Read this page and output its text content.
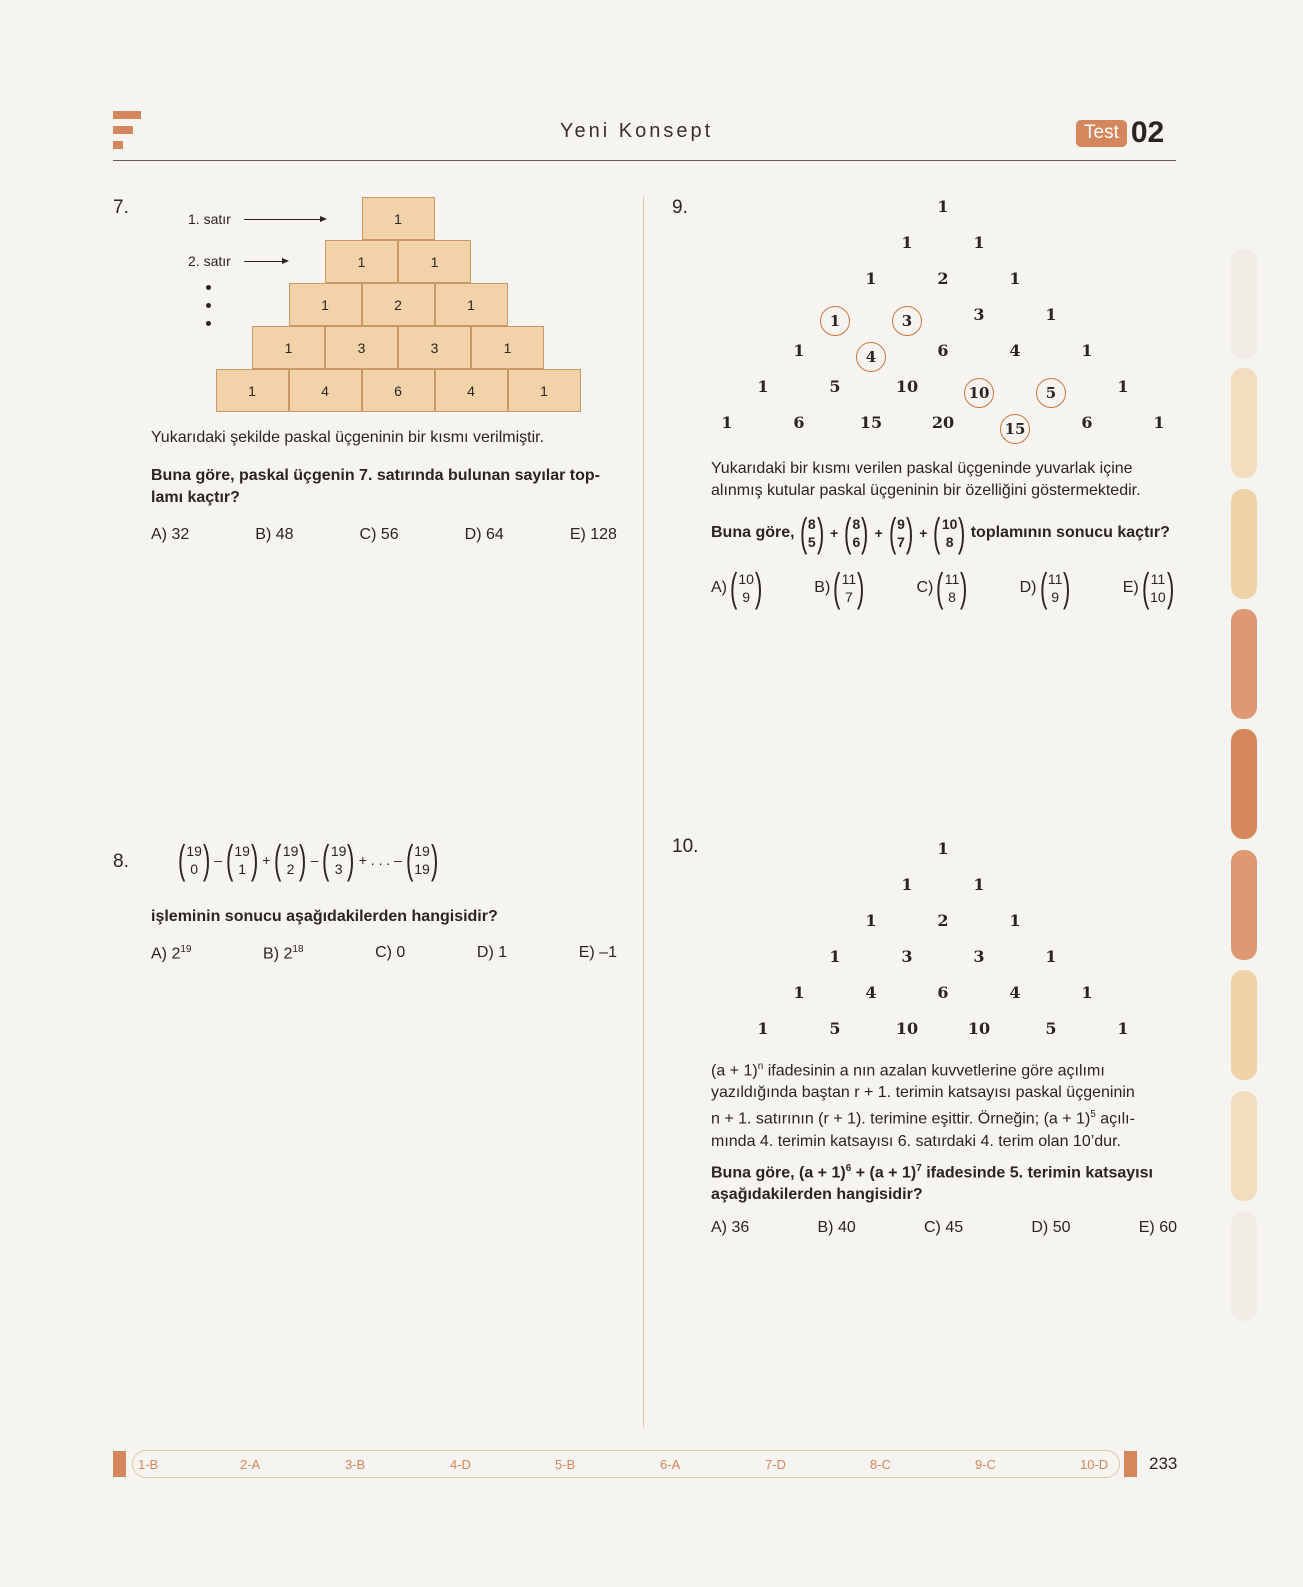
Yeni Konsept	Test 02
7.
1. satır
2. satır
1
1	1
1	2	1
1	3	3	1
1	4	6	4	1
Yukarıdaki şekilde paskal üçgeninin bir kısmı verilmiştir.
Buna göre, paskal üçgenin 7. satırında bulunan sayılar top-
lamı kaçtır?
A) 32	B) 48	C) 56	D) 64	E) 128
8. ( 19
0 ) – ( 19
1 ) + ( 19
2 ) – ( 19
3 ) + . . . – ( 19
19 )
işleminin sonucu aşağıdakilerden hangisidir?
A) $2^{19}$	B) $2^{18}$	C) 0	D) 1	E) –1
9.	1
1	1
1	2	1
1	3	3	1
1	4	6	4	1
1	5	10	10	5	1
1	6	15	20	15	6	1
Yukarıdaki bir kısmı verilen paskal üçgeninde yuvarlak içine
alınmış kutular paskal üçgeninin bir özelliğini göstermektedir.
Buna göre, ( 8
5 ) + ( 8
6 ) + ( 9
7 ) + ( 10
8 ) toplamının sonucu kaçtır?
A) ( 10
9 )	B) ( 11
7 )	C) ( 11
8 )	D) ( 11
9 )	E) ( 11
10 )
10.	1
1	1
1	2	1
1	3	3	1
1	4	6	4	1
1	5	10	10	5	1
$(a + 1)^n$ ifadesinin a nın azalan kuvvetlerine göre açılımı
yazıldığında baştan r + 1. terimin katsayısı paskal üçgeninin
n + 1. satırının (r + 1). terimine eşittir. Örneğin; $(a + 1)^5$ açılı-
mında 4. terimin katsayısı 6. satırdaki 4. terim olan 10’dur.
Buna göre, $(a + 1)^6 + (a + 1)^7$ ifadesinde 5. terimin katsayısı
aşağıdakilerden hangisidir?
A) 36	B) 40	C) 45	D) 50	E) 60
1-B	2-A	3-B	4-D	5-B	6-A	7-D	8-C	9-C	10-D 233
